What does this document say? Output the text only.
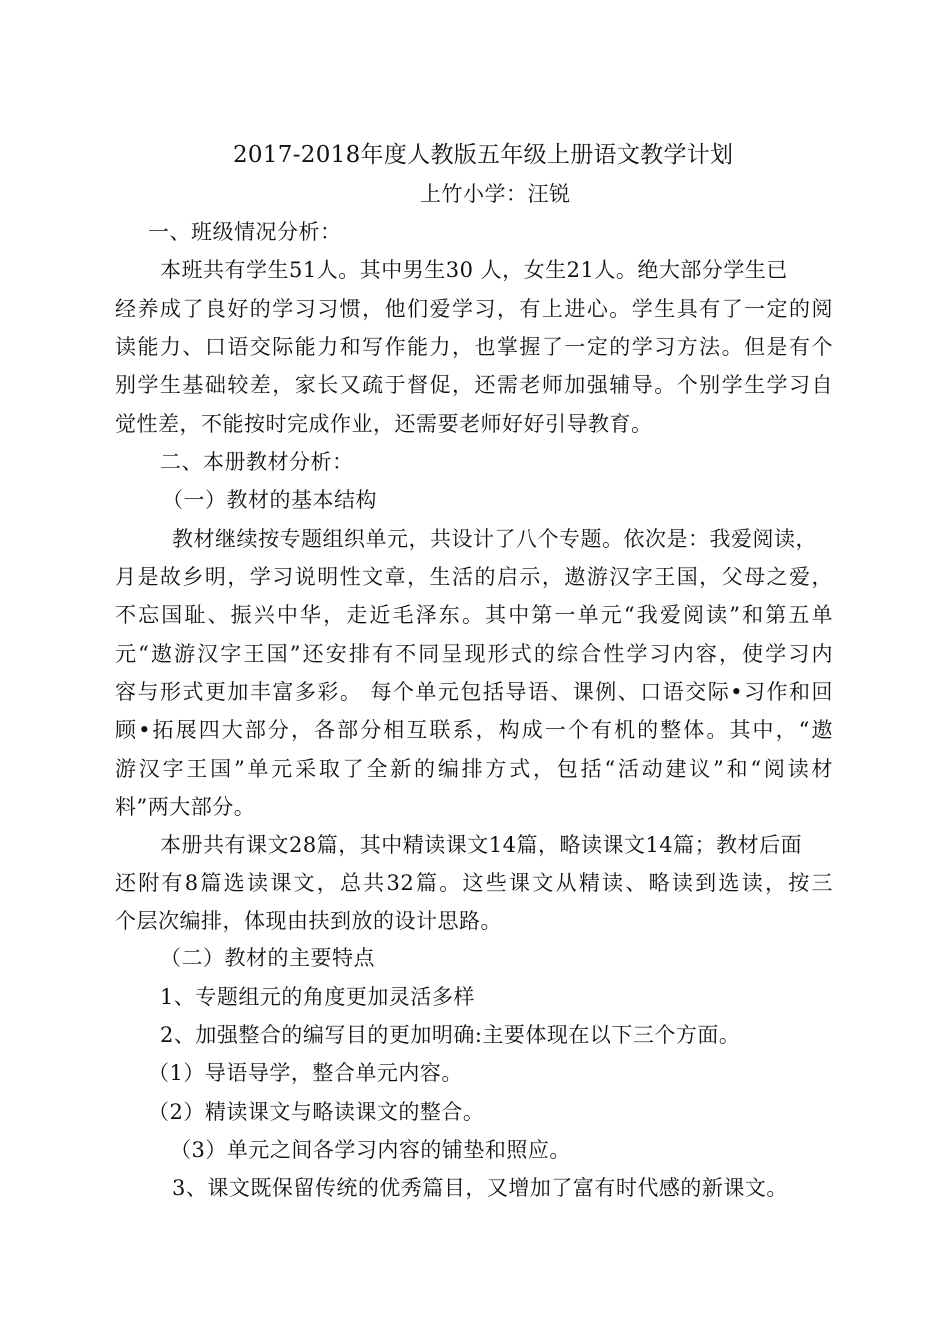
2017-2018年度人教版五年级上册语文教学计划
上竹小学：汪锐
一、班级情况分析：
本班共有学生51人。其中男生30 人，女生21人。绝大部分学生已
经养成了良好的学习习惯，他们爱学习，有上进心。学生具有了一定的阅
读能力、口语交际能力和写作能力，也掌握了一定的学习方法。但是有个
别学生基础较差，家长又疏于督促，还需老师加强辅导。个别学生学习自
觉性差，不能按时完成作业，还需要老师好好引导教育。
二、本册教材分析：
（一）教材的基本结构
教材继续按专题组织单元，共设计了八个专题。依次是：我爱阅读，
月是故乡明，学习说明性文章，生活的启示，遨游汉字王国，父母之爱，
不忘国耻、振兴中华，走近毛泽东。其中第一单元“我爱阅读”和第五单
元“遨游汉字王国”还安排有不同呈现形式的综合性学习内容，使学习内
容与形式更加丰富多彩。 每个单元包括导语、课例、口语交际•习作和回
顾•拓展四大部分，各部分相互联系，构成一个有机的整体。其中，“遨
游汉字王国”单元采取了全新的编排方式，包括“活动建议”和“阅读材
料”两大部分。
本册共有课文28篇，其中精读课文14篇，略读课文14篇；教材后面
还附有8篇选读课文，总共32篇。这些课文从精读、略读到选读，按三
个层次编排，体现由扶到放的设计思路。
（二）教材的主要特点
1、专题组元的角度更加灵活多样
2、加强整合的编写目的更加明确:主要体现在以下三个方面。
（1）导语导学，整合单元内容。
（2）精读课文与略读课文的整合。
（3）单元之间各学习内容的铺垫和照应。
3、课文既保留传统的优秀篇目，又增加了富有时代感的新课文。
